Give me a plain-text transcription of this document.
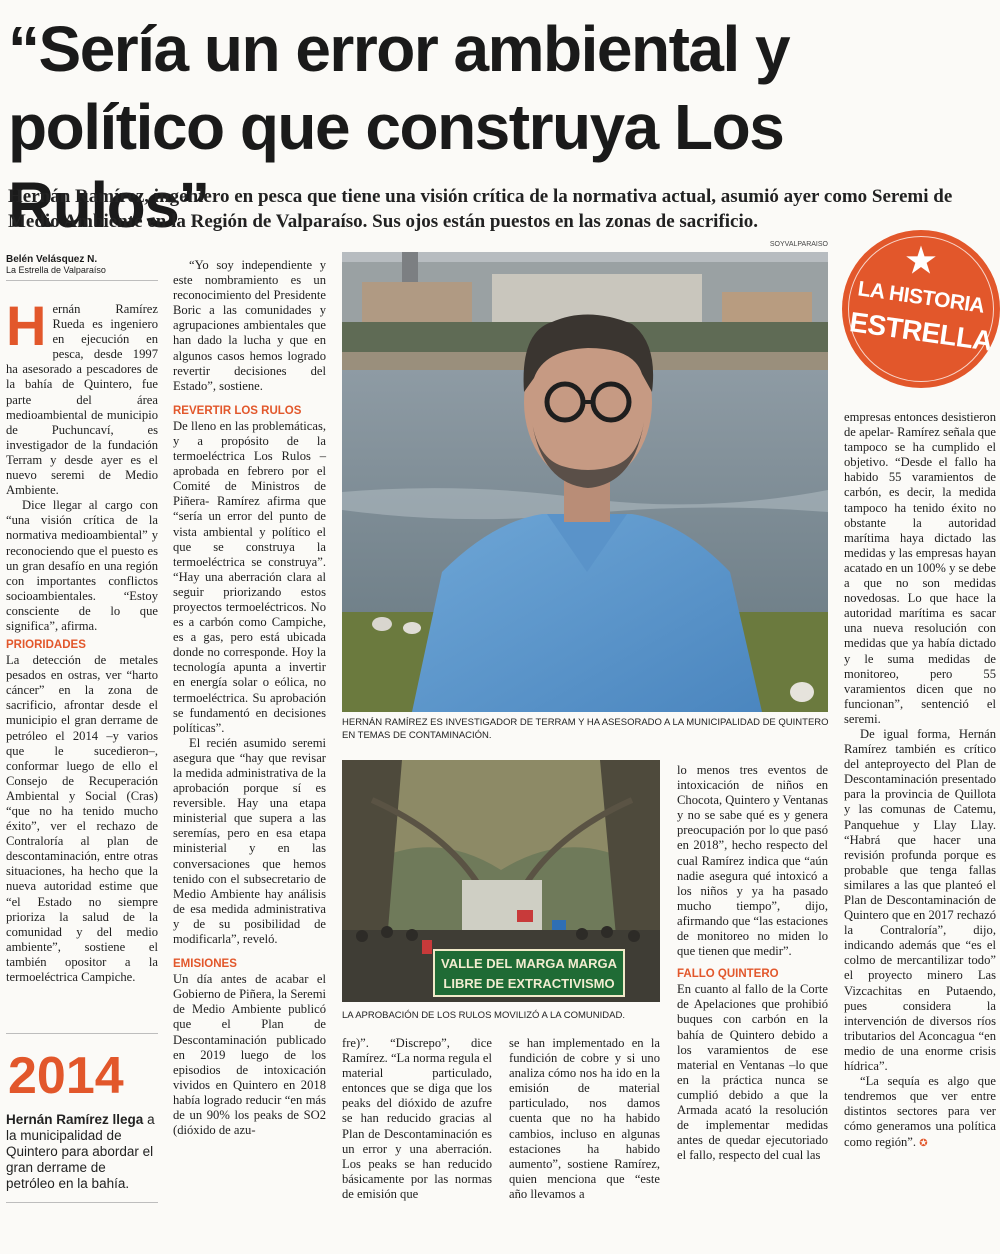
“Sería un error ambiental y político que construya Los Rulos”

Hernán Ramírez, ingeniero en pesca que tiene una visión crítica de la normativa actual, asumió ayer como Seremi de Medio Ambiente en la Región de Valparaíso. Sus ojos están puestos en las zonas de sacrificio.

Belén Velásquez N.
La Estrella de Valparaíso

Hernán Ramírez Rueda es ingeniero en ejecución en pesca, desde 1997 ha asesorado a pescadores de la bahía de Quintero, fue parte del área medioambiental de municipio de Puchuncaví, es investigador de la fundación Terram y desde ayer es el nuevo seremi de Medio Ambiente.

Dice llegar al cargo con “una visión crítica de la normativa medioambiental” y reconociendo que el puesto es un gran desafío en una región con importantes conflictos socioambientales. “Estoy consciente de lo que significa”, afirma.

PRIORIDADES

La detección de metales pesados en ostras, ver “harto cáncer” en la zona de sacrificio, afrontar desde el municipio el gran derrame de petróleo el 2014 –y varios que le sucedieron–, conformar luego de ello el Consejo de Recuperación Ambiental y Social (Cras) “que no ha tenido mucho éxito”, ver el rechazo de Contraloría al plan de descontaminación, entre otras situaciones, ha hecho que la nueva autoridad estime que “el Estado no siempre prioriza la salud de la comunidad y del medio ambiente”, sostiene el también opositor a la termoeléctrica Campiche.

2014

Hernán Ramírez llega a la municipalidad de Quintero para abordar el gran derrame de petróleo en la bahía.

“Yo soy independiente y este nombramiento es un reconocimiento del Presidente Boric a las comunidades y agrupaciones ambientales que han dado la lucha y que en algunos casos hemos logrado revertir decisiones del Estado”, sostiene.

REVERTIR LOS RULOS

De lleno en las problemáticas, y a propósito de la termoeléctrica Los Rulos –aprobada en febrero por el Comité de Ministros de Piñera- Ramírez afirma que “sería un error del punto de vista ambiental y político el que se construya la termoeléctrica se construya”. “Hay una aberración clara al seguir priorizando estos proyectos termoeléctricos. No es a carbón como Campiche, es a gas, pero está ubicada donde no corresponde. Hoy la tecnología apunta a invertir en energía solar o eólica, no termoeléctrica. Su aprobación se fundamentó en decisiones políticas”.

El recién asumido seremi asegura que “hay que revisar la medida administrativa de la aprobación porque sí es reversible. Hay una etapa ministerial que supera a las seremías, pero en esa etapa ministerial y en las conversaciones que hemos tenido con el subsecretario de Medio Ambiente hay análisis de esa medida administrativa y de su posibilidad de modificarla”, reveló.

EMISIONES

Un día antes de acabar el Gobierno de Piñera, la Seremi de Medio Ambiente publicó que el Plan de Descontaminación publicado en 2019 luego de los episodios de intoxicación vividos en Quintero en 2018 había logrado reducir “en más de un 90% los peaks de SO2 (dióxido de azu-

SOYVALPARAISO
HERNÁN RAMÍREZ ES INVESTIGADOR DE TERRAM Y HA ASESORADO A LA MUNICIPALIDAD DE QUINTERO EN TEMAS DE CONTAMINACIÓN.
★
LA HISTORIA
ESTRELLA
VALLE DEL MARGA MARGA
LIBRE DE EXTRACTIVISMO
LA APROBACIÓN DE LOS RULOS MOVILIZÓ A LA COMUNIDAD.

fre)”. “Discrepo”, dice Ramírez. “La norma regula el material particulado, entonces que se diga que los peaks del dióxido de azufre se han reducido gracias al Plan de Descontaminación es un error y una aberración. Los peaks se han reducido básicamente por las normas de emisión que

se han implementado en la fundición de cobre y si uno analiza cómo nos ha ido en la emisión de material particulado, nos damos cuenta que no ha habido cambios, incluso en algunas estaciones ha habido aumento”, sostiene Ramírez, quien menciona que “este año llevamos a

lo menos tres eventos de intoxicación de niños en Chocota, Quintero y Ventanas y no se sabe qué es y genera preocupación por lo que pasó en 2018”, hecho respecto del cual Ramírez indica que “aún nadie asegura qué intoxicó a los niños y ya ha pasado mucho tiempo”, dijo, afirmando que “las estaciones de monitoreo no miden lo que tienen que medir”.

FALLO QUINTERO

En cuanto al fallo de la Corte de Apelaciones que prohibió buques con carbón en la bahía de Quintero debido a los varamientos de ese material en Ventanas –lo que en la práctica nunca se cumplió debido a que la Armada acató la resolución de implementar medidas antes de quedar ejecutoriado el fallo, respecto del cual las

empresas entonces desistieron de apelar- Ramírez señala que tampoco se ha cumplido el objetivo. “Desde el fallo ha habido 55 varamientos de carbón, es decir, la medida tampoco ha tenido éxito no obstante la autoridad marítima haya dictado las medidas y las empresas hayan acatado en un 100% y se debe a que no son medidas novedosas. Lo que hace la autoridad marítima es sacar una nueva resolución con medidas que ya había dictado y le suma medidas de monitoreo, pero 55 varamientos dicen que no funcionan”, sentenció el seremi.

De igual forma, Hernán Ramírez también es crítico del anteproyecto del Plan de Descontaminación presentado para la provincia de Quillota y las comunas de Catemu, Panquehue y Llay Llay. “Habrá que hacer una revisión profunda porque es probable que tenga fallas similares a las que planteó el Plan de Descontaminación de Quintero que en 2017 rechazó la Contraloría”, dijo, indicando además que “es el colmo de mercantilizar todo” el proyecto minero Las Vizcachitas en Putaendo, pues considera la intervención de diversos ríos tributarios del Aconcagua “en medio de una enorme crisis hídrica”.

“La sequía es algo que tendremos que ver entre distintos sectores para ver cómo generamos una política como región”. ✪
